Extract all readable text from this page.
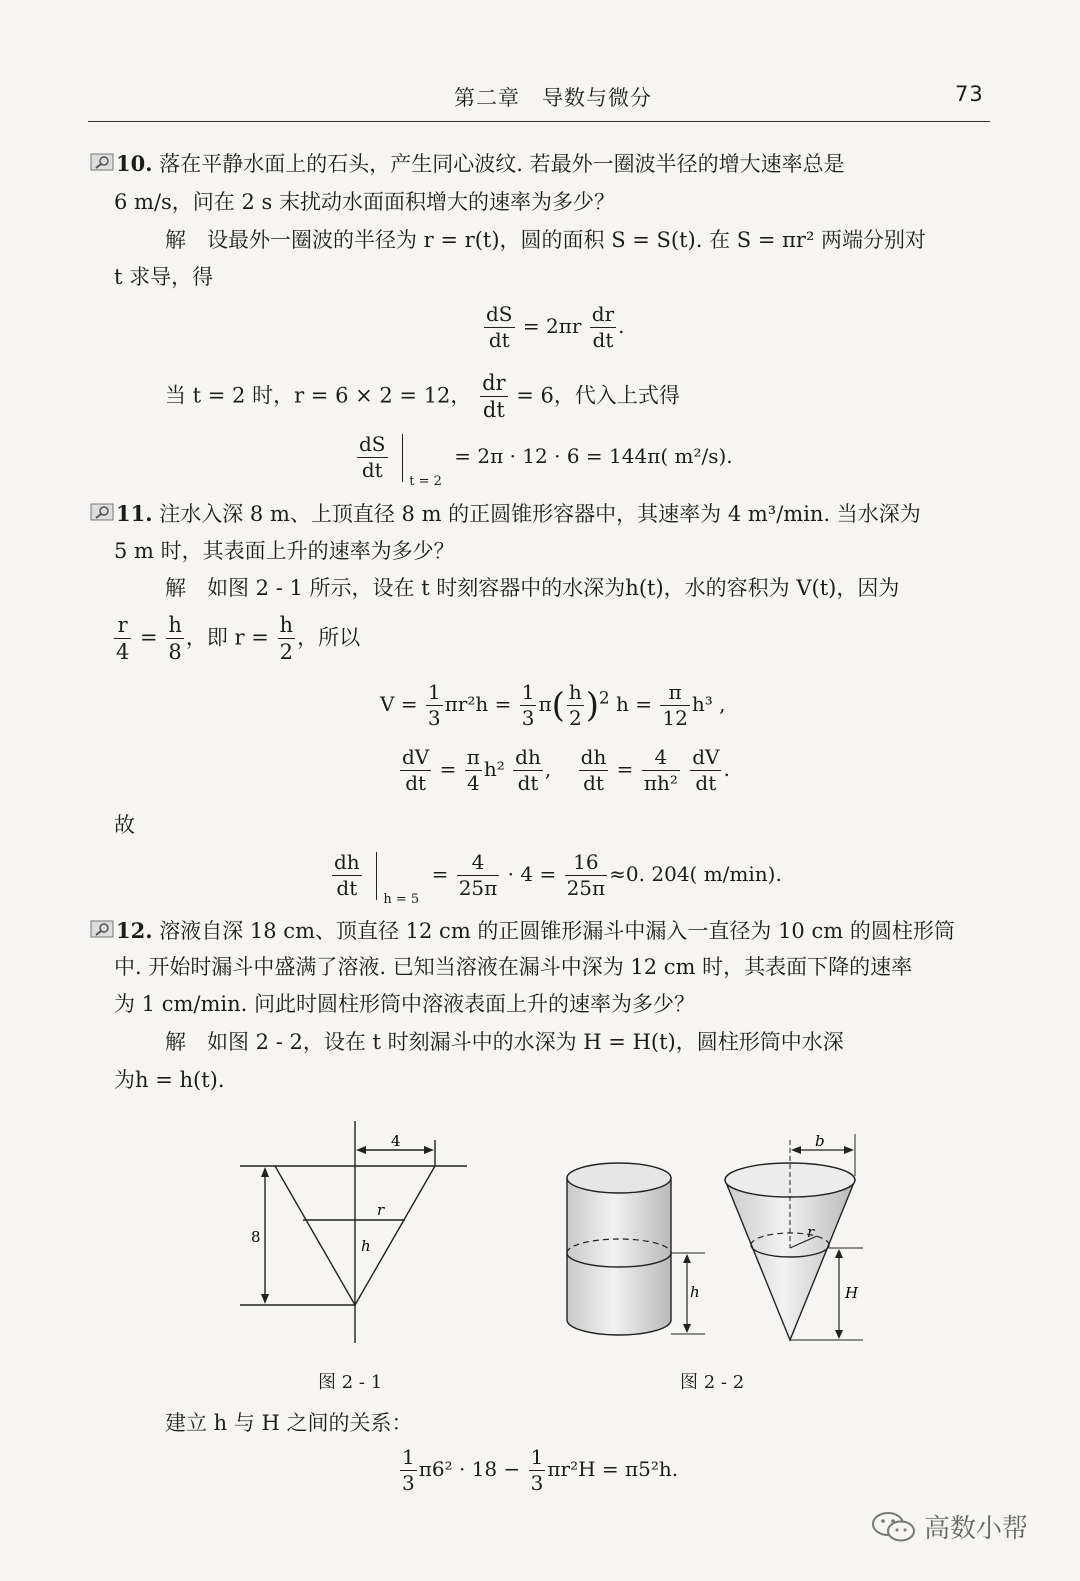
第二章　导数与微分	73
10. 落在平静水面上的石头，产生同心波纹. 若最外一圈波半径的增大速率总是
6 m/s，问在 2 s 末扰动水面面积增大的速率为多少？
解　设最外一圈波的半径为 r = r(t)，圆的面积 S = S(t). 在 S = πr² 两端分别对
t 求导，得
$\frac{dS}{dt} = 2\pi r \frac{dr}{dt}$ .
当 t = 2 时，r = 6 × 2 = 12， $\frac{dr}{dt} = 6$，代入上式得
$\frac{dS}{dt} _{t = 2} = 2\pi \cdot 12 \cdot 6 = 144\pi$( m²/s).
11. 注水入深 8 m、上顶直径 8 m 的正圆锥形容器中，其速率为 4 m³/min. 当水深为
5 m 时，其表面上升的速率为多少？
解　如图 2 - 1 所示，设在 t 时刻容器中的水深为h(t)，水的容积为 V(t)，因为
$\frac{r}{4} = \frac{h}{8}$ ，即 $r = \frac{h}{2}$ ，所以
$V = \frac{1}{3} \pi r^2h = \frac{1}{3} \pi( \frac{h}{2} )^2$ $h = \frac{\pi}{12} h^3$ ,
$\frac{dV}{dt} = \frac{\pi}{4} h^2 \frac{dh}{dt}$ , $\frac{dh}{dt} = \frac{4}{\text{πh²}}$
$\frac{dV}{dt}$ .
故
$\frac{dh}{dt} _{h = 5} = \frac{4}{25\pi} \cdot 4 = \frac{16}{25\pi} \approx 0$. 204( m/min).
12. 溶液自深 18 cm、顶直径 12 cm 的正圆锥形漏斗中漏入一直径为 10 cm 的圆柱形筒
中. 开始时漏斗中盛满了溶液. 已知当溶液在漏斗中深为 12 cm 时，其表面下降的速率
为 1 cm/min. 问此时圆柱形筒中溶液表面上升的速率为多少？
解　如图 2 - 2，设在 t 时刻漏斗中的水深为 H = H(t)，圆柱形筒中水深
为h = h(t).
4
8
r
h
图 2 - 1
h
r
b
H
图 2 - 2
建立 h 与 H 之间的关系：
$\frac{1}{3} \pi 6^2 \cdot 18 - \frac{1}{3} \pi r^2H = \pi 5^2h$.
高数小帮
